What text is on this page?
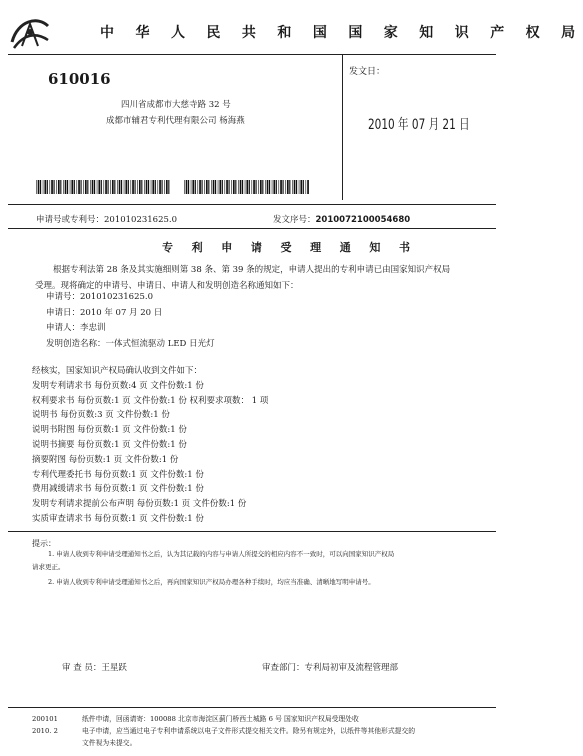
中 华 人 民 共 和 国 国 家 知 识 产 权 局
610016
四川省成都市大慈寺路 32 号
成都市辅君专利代理有限公司 杨海燕
发文日：
2010 年 07 月 21 日
申请号或专利号：201010231625.0	发文序号：2010072100054680
专 利 申 请 受 理 通 知 书
根据专利法第 28 条及其实施细则第 38 条、第 39 条的规定，申请人提出的专利申请已由国家知识产权局
受理。现将确定的申请号、申请日、申请人和发明创造名称通知如下：
申请号：201010231625.0
申请日：2010 年 07 月 20 日
申请人：李忠训
发明创造名称：一体式恒流驱动 LED 日光灯
经核实，国家知识产权局确认收到文件如下：
发明专利请求书 每份页数:4 页 文件份数:1 份
权利要求书 每份页数:1 页 文件份数:1 份 权利要求项数： 1 项
说明书 每份页数:3 页 文件份数:1 份
说明书附图 每份页数:1 页 文件份数:1 份
说明书摘要 每份页数:1 页 文件份数:1 份
摘要附图 每份页数:1 页 文件份数:1 份
专利代理委托书 每份页数:1 页 文件份数:1 份
费用减缓请求书 每份页数:1 页 文件份数:1 份
发明专利请求提前公布声明 每份页数:1 页 文件份数:1 份
实质审查请求书 每份页数:1 页 文件份数:1 份
提示：
1. 申请人收到专利申请受理通知书之后，认为其记载的内容与申请人所提交的相应内容不一致时，可以向国家知识产权局
请求更正。
2. 申请人收到专利申请受理通知书之后，再向国家知识产权局办理各种手续时，均应当准确、清晰地写明申请号。
审 查 员：王星跃	审查部门：专利局初审及流程管理部
200101	纸件申请，回函请寄：100088 北京市海淀区蓟门桥西土城路 6 号 国家知识产权局受理处收
2010. 2	电子申请，应当通过电子专利申请系统以电子文件形式提交相关文件。除另有规定外，以纸件等其他形式提交的
文件视为未提交。
